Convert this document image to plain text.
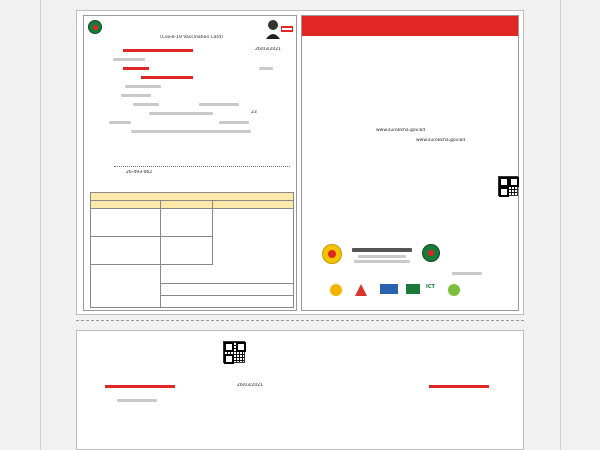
(Covid-19 Vaccination Card)
26/03/2021
23
26-493-062
www.surokkha.gov.bd
www.surokkha.gov.bd
ICT
26/03/2021
